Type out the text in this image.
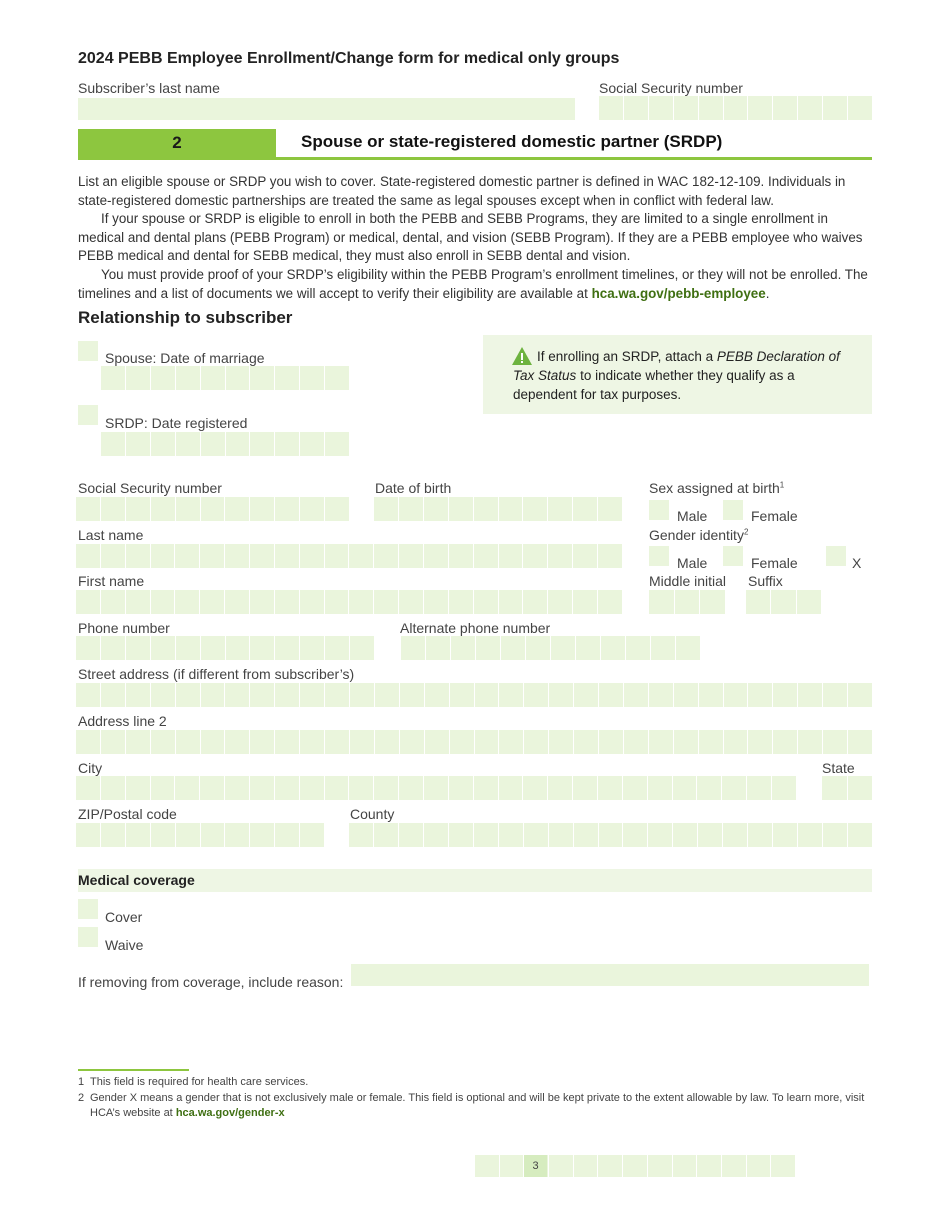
2024 PEBB Employee Enrollment/Change form for medical only groups
Subscriber’s last name	Social Security number
2	Spouse or state-registered domestic partner (SRDP)
List an eligible spouse or SRDP you wish to cover. State-registered domestic partner is defined in WAC 182-12-109. Individuals in state-registered domestic partnerships are treated the same as legal spouses except when in conflict with federal law.
If your spouse or SRDP is eligible to enroll in both the PEBB and SEBB Programs, they are limited to a single enrollment in medical and dental plans (PEBB Program) or medical, dental, and vision (SEBB Program). If they are a PEBB employee who waives PEBB medical and dental for SEBB medical, they must also enroll in SEBB dental and vision.
You must provide proof of your SRDP’s eligibility within the PEBB Program’s enrollment timelines, or they will not be enrolled. The timelines and a list of documents we will accept to verify their eligibility are available at hca.wa.gov/pebb-employee.
Relationship to subscriber
Spouse: Date of marriage
SRDP: Date registered
If enrolling an SRDP, attach a PEBB Declaration of Tax Status to indicate whether they qualify as a dependent for tax purposes.
Social Security number	Date of birth	Sex assigned at birth$^1$
Male	Female
Last name	Gender identity$^2$
Male	Female	X
First name	Middle initial Suffix
Phone number	Alternate phone number
Street address (if different from subscriber’s)
Address line 2
City	State
ZIP/Postal code	County
Medical coverage
Cover
Waive
If removing from coverage, include reason:
1 This field is required for health care services.
2 Gender X means a gender that is not exclusively male or female. This field is optional and will be kept private to the extent allowable by law. To learn more, visit HCA’s website at hca.wa.gov/gender-x
3
